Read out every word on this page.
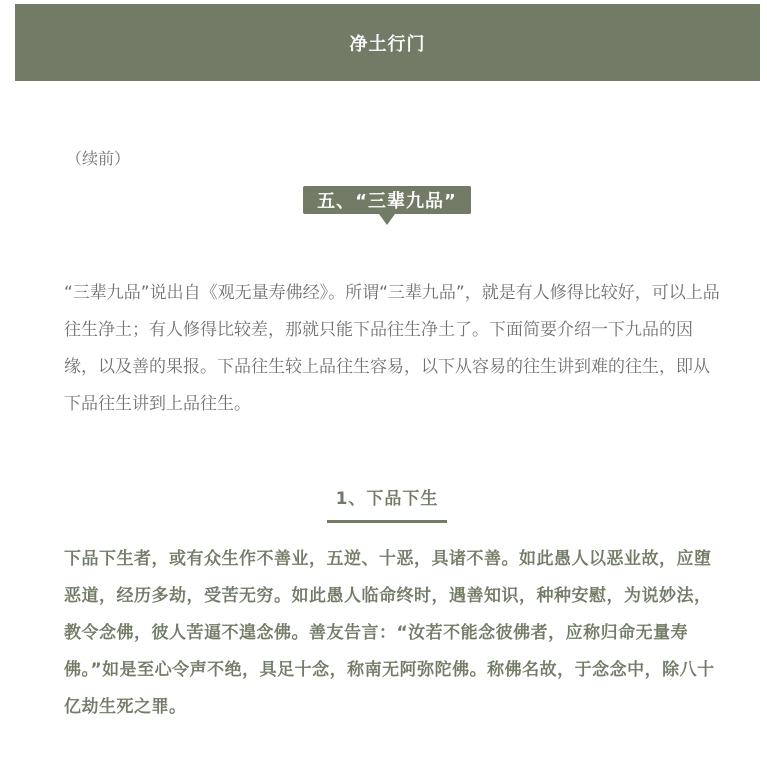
净土行门
（续前）
五、“三辈九品”

“三辈九品”说出自《观无量寿佛经》。所谓“三辈九品”，就是有人修得比较好，可以上品往生净土；有人修得比较差，那就只能下品往生净土了。下面简要介绍一下九品的因缘，以及善的果报。下品往生较上品往生容易，以下从容易的往生讲到难的往生，即从下品往生讲到上品往生。

1、下品下生

下品下生者，或有众生作不善业，五逆、十恶，具诸不善。如此愚人以恶业故，应堕恶道，经历多劫，受苦无穷。如此愚人临命终时，遇善知识，种种安慰，为说妙法，教令念佛，彼人苦逼不遑念佛。善友告言：“汝若不能念彼佛者，应称归命无量寿佛。”如是至心令声不绝，具足十念，称南无阿弥陀佛。称佛名故，于念念中，除八十亿劫生死之罪。
